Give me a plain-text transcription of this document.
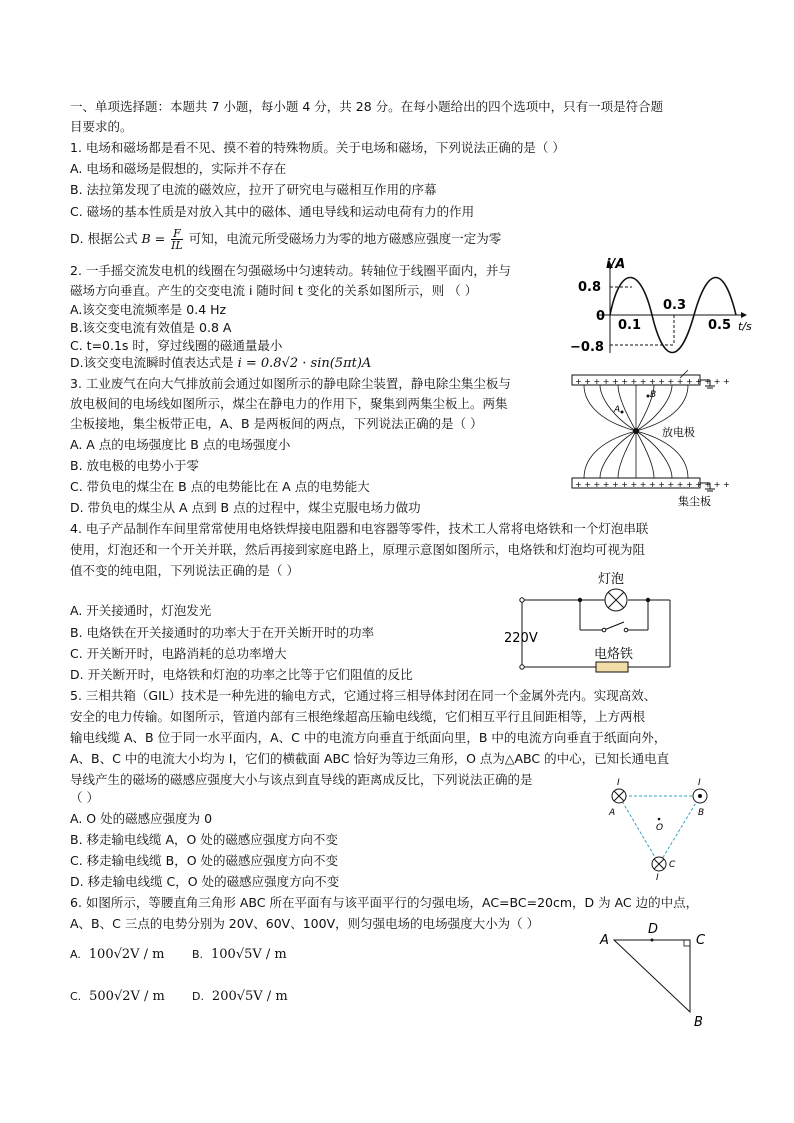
一、单项选择题：本题共 7 小题，每小题 4 分，共 28 分。在每小题给出的四个选项中，只有一项是符合题
目要求的。
1. 电场和磁场都是看不见、摸不着的特殊物质。关于电场和磁场，下列说法正确的是（ ）
A. 电场和磁场是假想的，实际并不存在
B. 法拉第发现了电流的磁效应，拉开了研究电与磁相互作用的序幕
C. 磁场的基本性质是对放入其中的磁体、通电导线和运动电荷有力的作用
D. 根据公式 $B = \frac{F}{IL}$ 可知，电流元所受磁场力为零的地方磁感应强度一定为零
2. 一手摇交流发电机的线圈在匀强磁场中匀速转动。转轴位于线圈平面内，并与
磁场方向垂直。产生的交变电流 i 随时间 t 变化的关系如图所示，则 （ ）
A.该交变电流频率是 0.4 Hz
B.该交变电流有效值是 0.8 A
C. t=0.1s 时，穿过线圈的磁通量最小
D.该交变电流瞬时值表达式是 i = 0.8√2 · sin(5πt)A
i/A
0.8
0
−0.8
0.1
0.3
0.5 t/s
3. 工业废气在向大气排放前会通过如图所示的静电除尘装置，静电除尘集尘板与
放电极间的电场线如图所示，煤尘在静电力的作用下，聚集到两集尘板上。两集
尘板接地，集尘板带正电，A、B 是两板间的两点，下列说法正确的是（ ）
A. A 点的电场强度比 B 点的电场强度小
B. 放电极的电势小于零
C. 带负电的煤尘在 B 点的电势能比在 A 点的电势能大
D. 带负电的煤尘从 A 点到 B 点的过程中，煤尘克服电场力做功
+ + + + + + + + + + + + + + + + +
+ + + + + + + + + + + + + + + + +
A
B
放电极
集尘板
4. 电子产品制作车间里常常使用电烙铁焊接电阻器和电容器等零件，技术工人常将电烙铁和一个灯泡串联
使用，灯泡还和一个开关并联，然后再接到家庭电路上，原理示意图如图所示，电烙铁和灯泡均可视为阻
值不变的纯电阻，下列说法正确的是（ ）
A. 开关接通时，灯泡发光
B. 电烙铁在开关接通时的功率大于在开关断开时的功率
C. 开关断开时，电路消耗的总功率增大
D. 开关断开时，电烙铁和灯泡的功率之比等于它们阻值的反比
灯泡
220V
电烙铁
5. 三相共箱（GIL）技术是一种先进的输电方式，它通过将三相导体封闭在同一个金属外壳内。实现高效、
安全的电力传输。如图所示，管道内部有三根绝缘超高压输电线缆，它们相互平行且间距相等，上方两根
输电线缆 A、B 位于同一水平面内，A、C 中的电流方向垂直于纸面向里，B 中的电流方向垂直于纸面向外，
A、B、C 中的电流大小均为 I，它们的横截面 ABC 恰好为等边三角形，O 点为△ABC 的中心，已知长通电直
导线产生的磁场的磁感应强度大小与该点到直导线的距离成反比，下列说法正确的是
（ ）
A. O 处的磁感应强度为 0
B. 移走输电线缆 A，O 处的磁感应强度方向不变
C. 移走输电线缆 B，O 处的磁感应强度方向不变
D. 移走输电线缆 C，O 处的磁感应强度方向不变
O
A	B
C
I	I
I
6. 如图所示，等腰直角三角形 ABC 所在平面有与该平面平行的匀强电场，AC=BC=20cm，D 为 AC 边的中点，
A、B、C 三点的电势分别为 20V、60V、100V，则匀强电场的电场强度大小为（ ）
A. 100√2V / m B. 100√5V / m
C. 500√2V / m D. 200√5V / m
A
D
C
B
